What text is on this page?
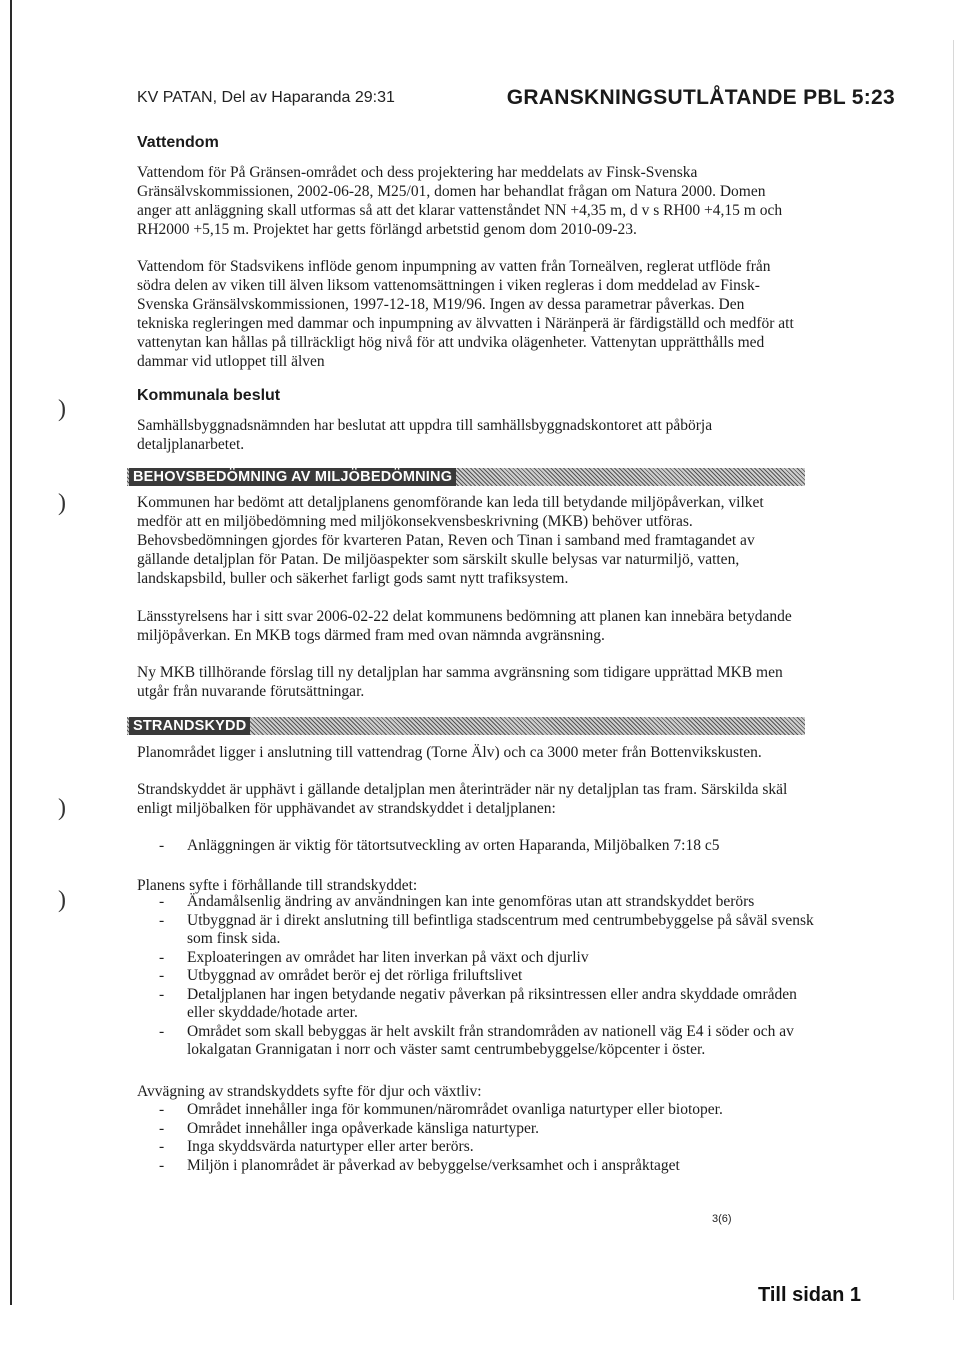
)
)
)
)
KV PATAN, Del av Haparanda 29:31	GRANSKNINGSUTLÅTANDE PBL 5:23
Vattendom
Vattendom för På Gränsen-området och dess projektering har meddelats av Finsk-Svenska Gränsälvskommissionen, 2002-06-28, M25/01, domen har behandlat frågan om Natura 2000. Domen anger att anläggning skall utformas så att det klarar vattenståndet NN +4,35 m, d v s RH00 +4,15 m och RH2000 +5,15 m. Projektet har getts förlängd arbetstid genom dom 2010-09-23.
Vattendom för Stadsvikens inflöde genom inpumpning av vatten från Torneälven, reglerat utflöde från södra delen av viken till älven liksom vattenomsättningen i viken regleras i dom meddelad av Finsk-Svenska Gränsälvskommissionen, 1997-12-18, M19/96. Ingen av dessa parametrar påverkas. Den tekniska regleringen med dammar och inpumpning av älvvatten i Näränperä är färdigställd och medför att vattenytan kan hållas på tillräckligt hög nivå för att undvika olägenheter. Vattenytan upprätthålls med dammar vid utloppet till älven
Kommunala beslut
Samhällsbyggnadsnämnden har beslutat att uppdra till samhällsbyggnadskontoret att påbörja detaljplanarbetet.
BEHOVSBEDÖMNING AV MILJÖBEDÖMNING
Kommunen har bedömt att detaljplanens genomförande kan leda till betydande miljöpåverkan, vilket medför att en miljöbedömning med miljökonsekvensbeskrivning (MKB) behöver utföras. Behovsbedömningen gjordes för kvarteren Patan, Reven och Tinan i samband med framtagandet av gällande detaljplan för Patan. De miljöaspekter som särskilt skulle belysas var naturmiljö, vatten, landskapsbild, buller och säkerhet farligt gods samt nytt trafiksystem.
Länsstyrelsens har i sitt svar 2006-02-22 delat kommunens bedömning att planen kan innebära betydande miljöpåverkan. En MKB togs därmed fram med ovan nämnda avgränsning.
Ny MKB tillhörande förslag till ny detaljplan har samma avgränsning som tidigare upprättad MKB men utgår från nuvarande förutsättningar.
STRANDSKYDD
Planområdet ligger i anslutning till vattendrag (Torne Älv) och ca 3000 meter från Bottenvikskusten.
Strandskyddet är upphävt i gällande detaljplan men återinträder när ny detaljplan tas fram. Särskilda skäl enligt miljöbalken för upphävandet av strandskyddet i detaljplanen:
- Anläggningen är viktig för tätortsutveckling av orten Haparanda, Miljöbalken 7:18 c5
Planens syfte i förhållande till strandskyddet:
- Ändamålsenlig ändring av användningen kan inte genomföras utan att strandskyddet berörs
- Utbyggnad är i direkt anslutning till befintliga stadscentrum med centrumbebyggelse på såväl svensk som finsk sida.
- Exploateringen av området har liten inverkan på växt och djurliv
- Utbyggnad av området berör ej det rörliga friluftslivet
- Detaljplanen har ingen betydande negativ påverkan på riksintressen eller andra skyddade områden eller skyddade/hotade arter.
- Området som skall bebyggas är helt avskilt från strandområden av nationell väg E4 i söder och av lokalgatan Grannigatan i norr och väster samt centrumbebyggelse/köpcenter i öster.
Avvägning av strandskyddets syfte för djur och växtliv:
- Området innehåller inga för kommunen/närområdet ovanliga naturtyper eller biotoper.
- Området innehåller inga opåverkade känsliga naturtyper.
- Inga skyddsvärda naturtyper eller arter berörs.
- Miljön i planområdet är påverkad av bebyggelse/verksamhet och i anspråktaget
3(6)
Till sidan 1
